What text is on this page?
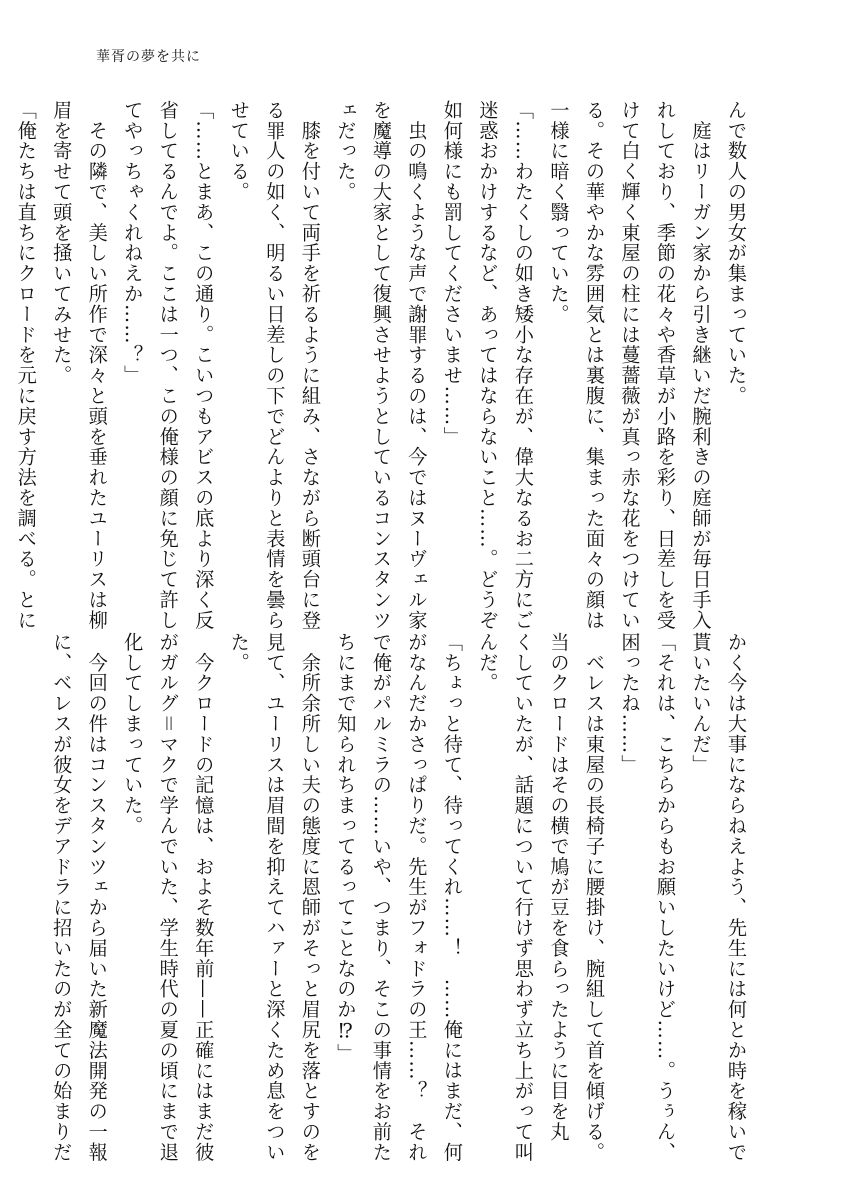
華胥の夢を共に

んで数人の男女が集まっていた。

　庭はリーガン家から引き継いだ腕利きの庭師が毎日手入

れしており、季節の花々や香草が小路を彩り、日差しを受

けて白く輝く東屋の柱には蔓薔薇が真っ赤な花をつけてい

る。その華やかな雰囲気とは裏腹に、集まった面々の顔は

一様に暗く翳っていた。

「……わたくしの如き矮小な存在が、偉大なるお二方にご

迷惑おかけするなど、あってはならないこと……。どうぞ

如何様にも罰してくださいませ……」

　虫の鳴くような声で謝罪するのは、今ではヌーヴェル家

を魔導の大家として復興させようとしているコンスタンツ

ェだった。

　膝を付いて両手を祈るように組み、さながら断頭台に登

る罪人の如く、明るい日差しの下でどんよりと表情を曇ら

せている。

「……とまあ、この通り。こいつもアビスの底より深く反

省してるんでよ。ここは一つ、この俺様の顔に免じて許し

てやっちゃくれねえか……？」

　その隣で、美しい所作で深々と頭を垂れたユーリスは柳

眉を寄せて頭を掻いてみせた。

「俺たちは直ちにクロードを元に戻す方法を調べる。とに

かく今は大事にならねえよう、先生には何とか時を稼いで

貰いたいんだ」

「それは、こちらからもお願いしたいけど……。うぅん、

困ったね……」

　ベレスは東屋の長椅子に腰掛け、腕組して首を傾げる。

当のクロードはその横で鳩が豆を食らったように目を丸

くしていたが、話題について行けず思わず立ち上がって叫

んだ。

「ちょっと待て、待ってくれ……！　……俺にはまだ、何

がなんだかさっぱりだ。先生がフォドラの王……？　それ

で俺がパルミラの……いや、つまり、そこの事情をお前た

ちにまで知られちまってるってことなのか⁉」

　余所余所しい夫の態度に恩師がそっと眉尻を落とすのを

見て、ユーリスは眉間を抑えてハァーと深くため息をつい

た。

　今クロードの記憶は、およそ数年前——正確にはまだ彼

がガルグ＝マクで学んでいた、学生時代の夏の頃にまで退

化してしまっていた。

　今回の件はコンスタンツェから届いた新魔法開発の一報

に、ベレスが彼女をデアドラに招いたのが全ての始まりだ
